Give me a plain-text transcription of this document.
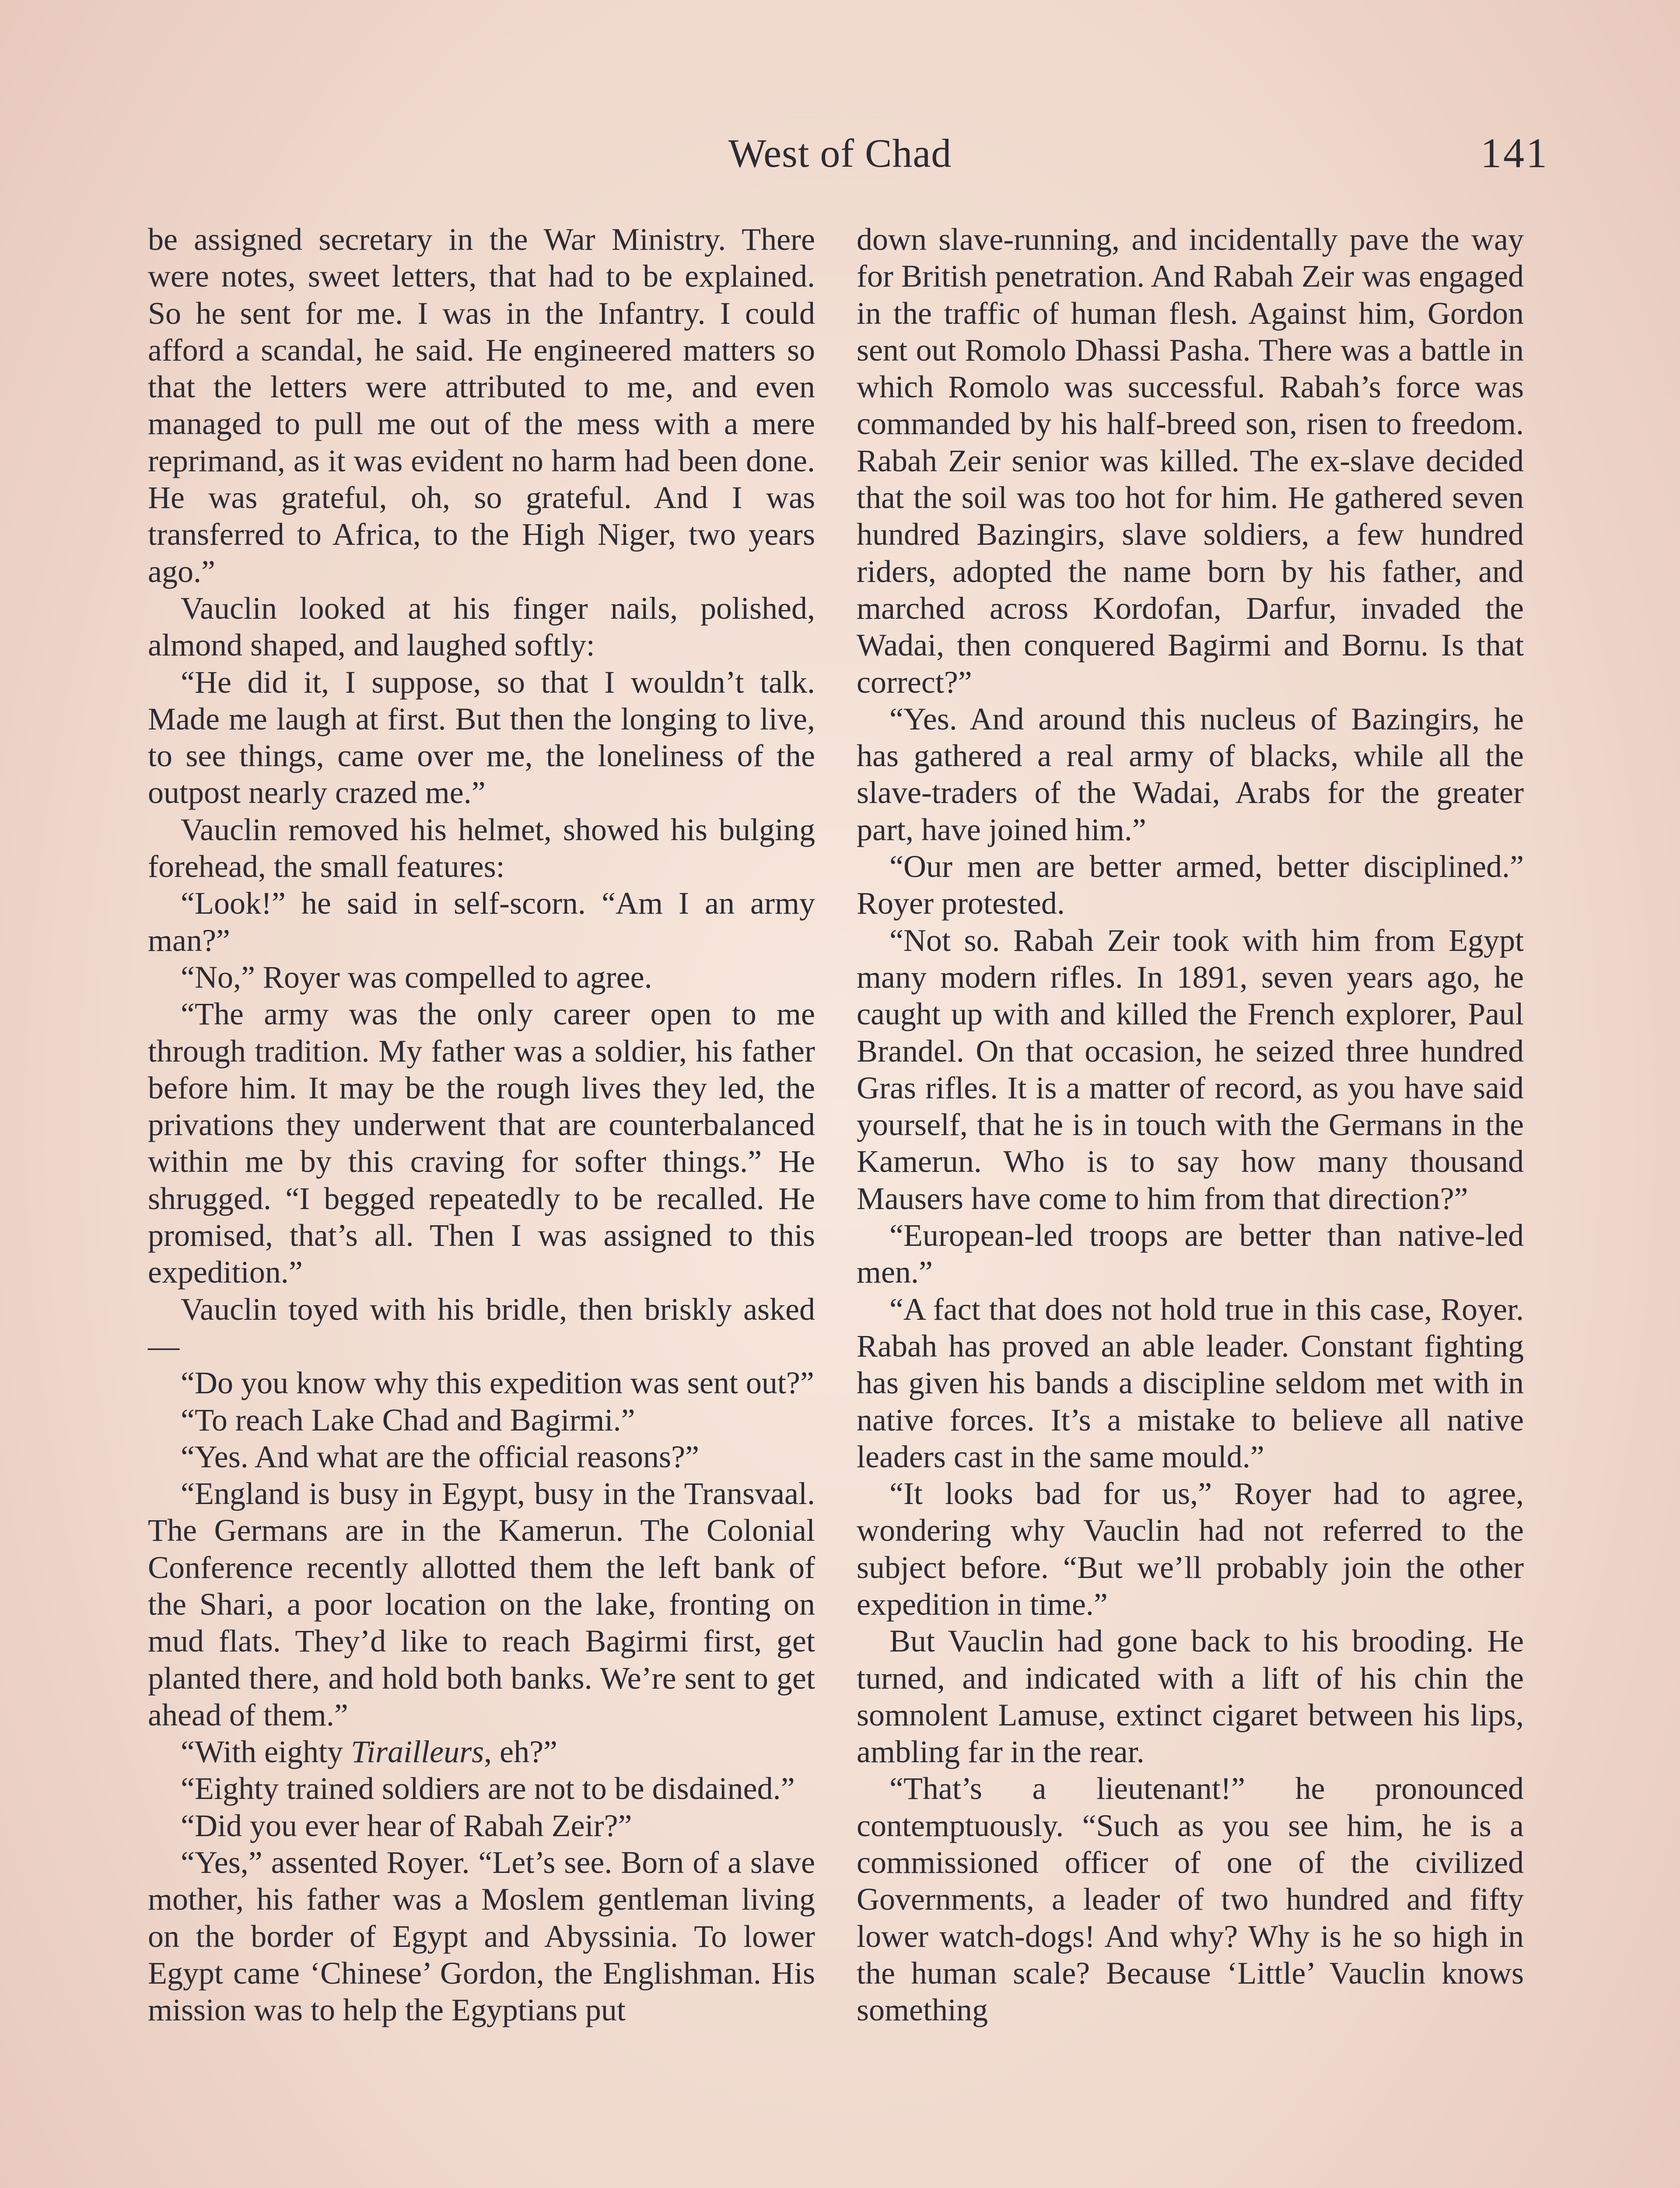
West of Chad	141

be assigned secretary in the War Ministry. There were notes, sweet letters, that had to be explained. So he sent for me. I was in the Infantry. I could afford a scandal, he said. He engineered matters so that the letters were attributed to me, and even managed to pull me out of the mess with a mere reprimand, as it was evident no harm had been done. He was grateful, oh, so grateful. And I was transferred to Africa, to the High Niger, two years ago.”

Vauclin looked at his finger nails, polished, almond shaped, and laughed softly:

“He did it, I suppose, so that I wouldn’t talk. Made me laugh at first. But then the longing to live, to see things, came over me, the loneliness of the outpost nearly crazed me.”

Vauclin removed his helmet, showed his bulging forehead, the small features:

“Look!” he said in self-scorn. “Am I an army man?”

“No,” Royer was compelled to agree.

“The army was the only career open to me through tradition. My father was a soldier, his father before him. It may be the rough lives they led, the privations they underwent that are counterbalanced within me by this craving for softer things.” He shrugged. “I begged repeatedly to be recalled. He promised, that’s all. Then I was assigned to this expedition.”

Vauclin toyed with his bridle, then briskly asked—

“Do you know why this expedition was sent out?”

“To reach Lake Chad and Bagirmi.”

“Yes. And what are the official reasons?”

“England is busy in Egypt, busy in the Transvaal. The Germans are in the Kamerun. The Colonial Conference recently allotted them the left bank of the Shari, a poor location on the lake, fronting on mud flats. They’d like to reach Bagirmi first, get planted there, and hold both banks. We’re sent to get ahead of them.”

“With eighty Tirailleurs, eh?”

“Eighty trained soldiers are not to be disdained.”

“Did you ever hear of Rabah Zeir?”

“Yes,” assented Royer. “Let’s see. Born of a slave mother, his father was a Moslem gentleman living on the border of Egypt and Abyssinia. To lower Egypt came ‘Chinese’ Gordon, the Englishman. His mission was to help the Egyptians put

down slave-running, and incidentally pave the way for British penetration. And Rabah Zeir was engaged in the traffic of human flesh. Against him, Gordon sent out Romolo Dhassi Pasha. There was a battle in which Romolo was successful. Rabah’s force was commanded by his half-breed son, risen to freedom. Rabah Zeir senior was killed. The ex-slave decided that the soil was too hot for him. He gathered seven hundred Bazingirs, slave soldiers, a few hundred riders, adopted the name born by his father, and marched across Kordofan, Darfur, invaded the Wadai, then conquered Bagirmi and Bornu. Is that correct?”

“Yes. And around this nucleus of Bazingirs, he has gathered a real army of blacks, while all the slave-traders of the Wadai, Arabs for the greater part, have joined him.”

“Our men are better armed, better disciplined.” Royer protested.

“Not so. Rabah Zeir took with him from Egypt many modern rifles. In 1891, seven years ago, he caught up with and killed the French explorer, Paul Brandel. On that occasion, he seized three hundred Gras rifles. It is a matter of record, as you have said yourself, that he is in touch with the Germans in the Kamerun. Who is to say how many thousand Mausers have come to him from that direction?”

“European-led troops are better than native-led men.”

“A fact that does not hold true in this case, Royer. Rabah has proved an able leader. Constant fighting has given his bands a discipline seldom met with in native forces. It’s a mistake to believe all native leaders cast in the same mould.”

“It looks bad for us,” Royer had to agree, wondering why Vauclin had not referred to the subject before. “But we’ll probably join the other expedition in time.”

But Vauclin had gone back to his brooding. He turned, and indicated with a lift of his chin the somnolent Lamuse, extinct cigaret between his lips, ambling far in the rear.

“That’s a lieutenant!” he pronounced contemptuously. “Such as you see him, he is a commissioned officer of one of the civilized Governments, a leader of two hundred and fifty lower watch-dogs! And why? Why is he so high in the human scale? Because ‘Little’ Vauclin knows something
